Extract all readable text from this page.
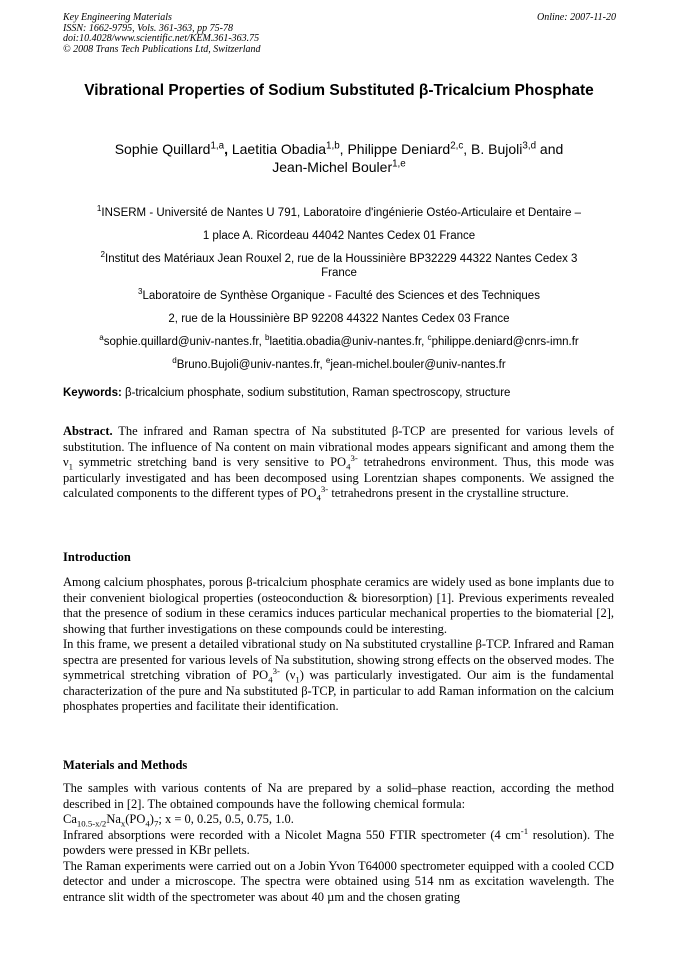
Key Engineering Materials
ISSN: 1662-9795, Vols. 361-363, pp 75-78
doi:10.4028/www.scientific.net/KEM.361-363.75
© 2008 Trans Tech Publications Ltd, Switzerland
Online: 2007-11-20
Vibrational Properties of Sodium Substituted β-Tricalcium Phosphate
Sophie Quillard$^{1,a}$, Laetitia Obadia$^{1,b}$, Philippe Deniard$^{2,c}$, B. Bujoli$^{3,d}$ and
Jean-Michel Bouler$^{1,e}$

$^1$INSERM - Université de Nantes U 791, Laboratoire d'ingénierie Ostéo-Articulaire et Dentaire –

1 place A. Ricordeau 44042 Nantes Cedex 01 France

$^2$Institut des Matériaux Jean Rouxel 2, rue de la Houssinière BP32229 44322 Nantes Cedex 3

France

$^3$Laboratoire de Synthèse Organique - Faculté des Sciences et des Techniques

2, rue de la Houssinière BP 92208 44322 Nantes Cedex 03 France

$^a$sophie.quillard@univ-nantes.fr, $^b$laetitia.obadia@univ-nantes.fr, $^c$philippe.deniard@cnrs-imn.fr

$^d$Bruno.Bujoli@univ-nantes.fr, $^e$jean-michel.bouler@univ-nantes.fr

Keywords: β-tricalcium phosphate, sodium substitution, Raman spectroscopy, structure

Abstract. The infrared and Raman spectra of Na substituted β-TCP are presented for various levels of substitution. The influence of Na content on main vibrational modes appears significant and among them the $\nu_1$ symmetric stretching band is very sensitive to $PO_4^{3-}$ tetrahedrons environment. Thus, this mode was particularly investigated and has been decomposed using Lorentzian shapes components. We assigned the calculated components to the different types of $PO_4^{3-}$ tetrahedrons present in the crystalline structure.

Introduction

Among calcium phosphates, porous β-tricalcium phosphate ceramics are widely used as bone implants due to their convenient biological properties (osteoconduction & bioresorption) [1]. Previous experiments revealed that the presence of sodium in these ceramics induces particular mechanical properties to the biomaterial [2], showing that further investigations on these compounds could be interesting.

In this frame, we present a detailed vibrational study on Na substituted crystalline β-TCP. Infrared and Raman spectra are presented for various levels of Na substitution, showing strong effects on the observed modes. The symmetrical stretching vibration of $PO_4^{3-}$ $(\nu_1)$ was particularly investigated. Our aim is the fundamental characterization of the pure and Na substituted β-TCP, in particular to add Raman information on the calcium phosphates properties and facilitate their identification.

Materials and Methods

The samples with various contents of Na are prepared by a solid–phase reaction, according the method described in [2]. The obtained compounds have the following chemical formula:

$Ca_{10.5-x/2}Na_x(PO_4)_7$; x = 0, 0.25, 0.5, 0.75, 1.0.

Infrared absorptions were recorded with a Nicolet Magna 550 FTIR spectrometer (4 $cm^{-1}$ resolution). The powders were pressed in KBr pellets.

The Raman experiments were carried out on a Jobin Yvon T64000 spectrometer equipped with a cooled CCD detector and under a microscope. The spectra were obtained using 514 nm as excitation wavelength. The entrance slit width of the spectrometer was about 40 µm and the chosen grating
